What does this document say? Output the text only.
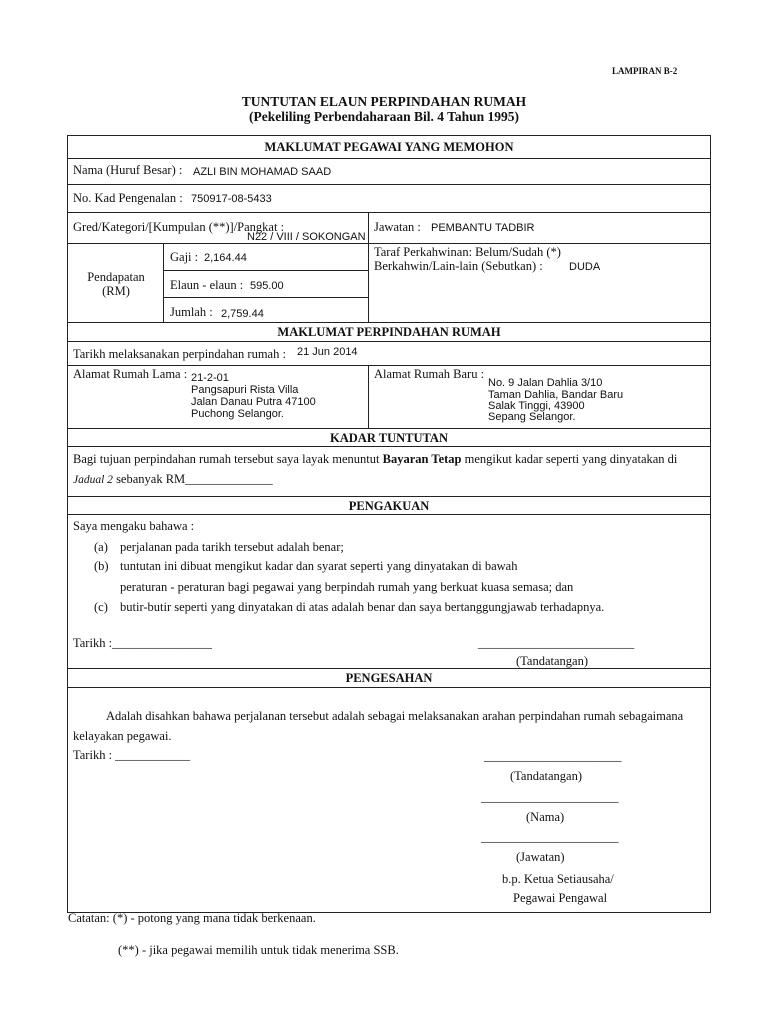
LAMPIRAN B-2
TUNTUTAN ELAUN PERPINDAHAN RUMAH
(Pekeliling Perbendaharaan Bil. 4 Tahun 1995)
MAKLUMAT PEGAWAI YANG MEMOHON
Nama (Huruf Besar) : AZLI BIN MOHAMAD SAAD
No. Kad Pengenalan : 750917-08-5433
Gred/Kategori/[Kumpulan (**)]/Pangkat :
N22 / VIII / SOKONGAN
Jawatan : PEMBANTU TADBIR
Pendapatan
(RM)
Gaji : 2,164.44
Elaun - elaun : 595.00
Jumlah : 2,759.44
Taraf Perkahwinan: Belum/Sudah (*)
Berkahwin/Lain-lain (Sebutkan) : DUDA
MAKLUMAT PERPINDAHAN RUMAH
Tarikh melaksanakan perpindahan rumah : 21 Jun 2014
Alamat Rumah Lama : 21-2-01
Pangsapuri Rista Villa
Jalan Danau Putra 47100
Puchong Selangor.
Alamat Rumah Baru :
No. 9 Jalan Dahlia 3/10
Taman Dahlia, Bandar Baru
Salak Tinggi, 43900
Sepang Selangor.
KADAR TUNTUTAN
Bagi tujuan perpindahan rumah tersebut saya layak menuntut Bayaran Tetap mengikut kadar seperti yang dinyatakan di
Jadual 2 sebanyak RM______________
PENGAKUAN
Saya mengaku bahawa :
(a) perjalanan pada tarikh tersebut adalah benar;
(b) tuntutan ini dibuat mengikut kadar dan syarat seperti yang dinyatakan di bawah
peraturan - peraturan bagi pegawai yang berpindah rumah yang berkuat kuasa semasa; dan
(c) butir-butir seperti yang dinyatakan di atas adalah benar dan saya bertanggungjawab terhadapnya.
Tarikh :________________	_________________________
(Tandatangan)
PENGESAHAN
Adalah disahkan bahawa perjalanan tersebut adalah sebagai melaksanakan arahan perpindahan rumah sebagaimana
kelayakan pegawai.
Tarikh : ____________	______________________
(Tandatangan)
______________________
(Nama)
______________________
(Jawatan)
b.p. Ketua Setiausaha/
Pegawai Pengawal
Catatan: (*) - potong yang mana tidak berkenaan.
(**) - jika pegawai memilih untuk tidak menerima SSB.
